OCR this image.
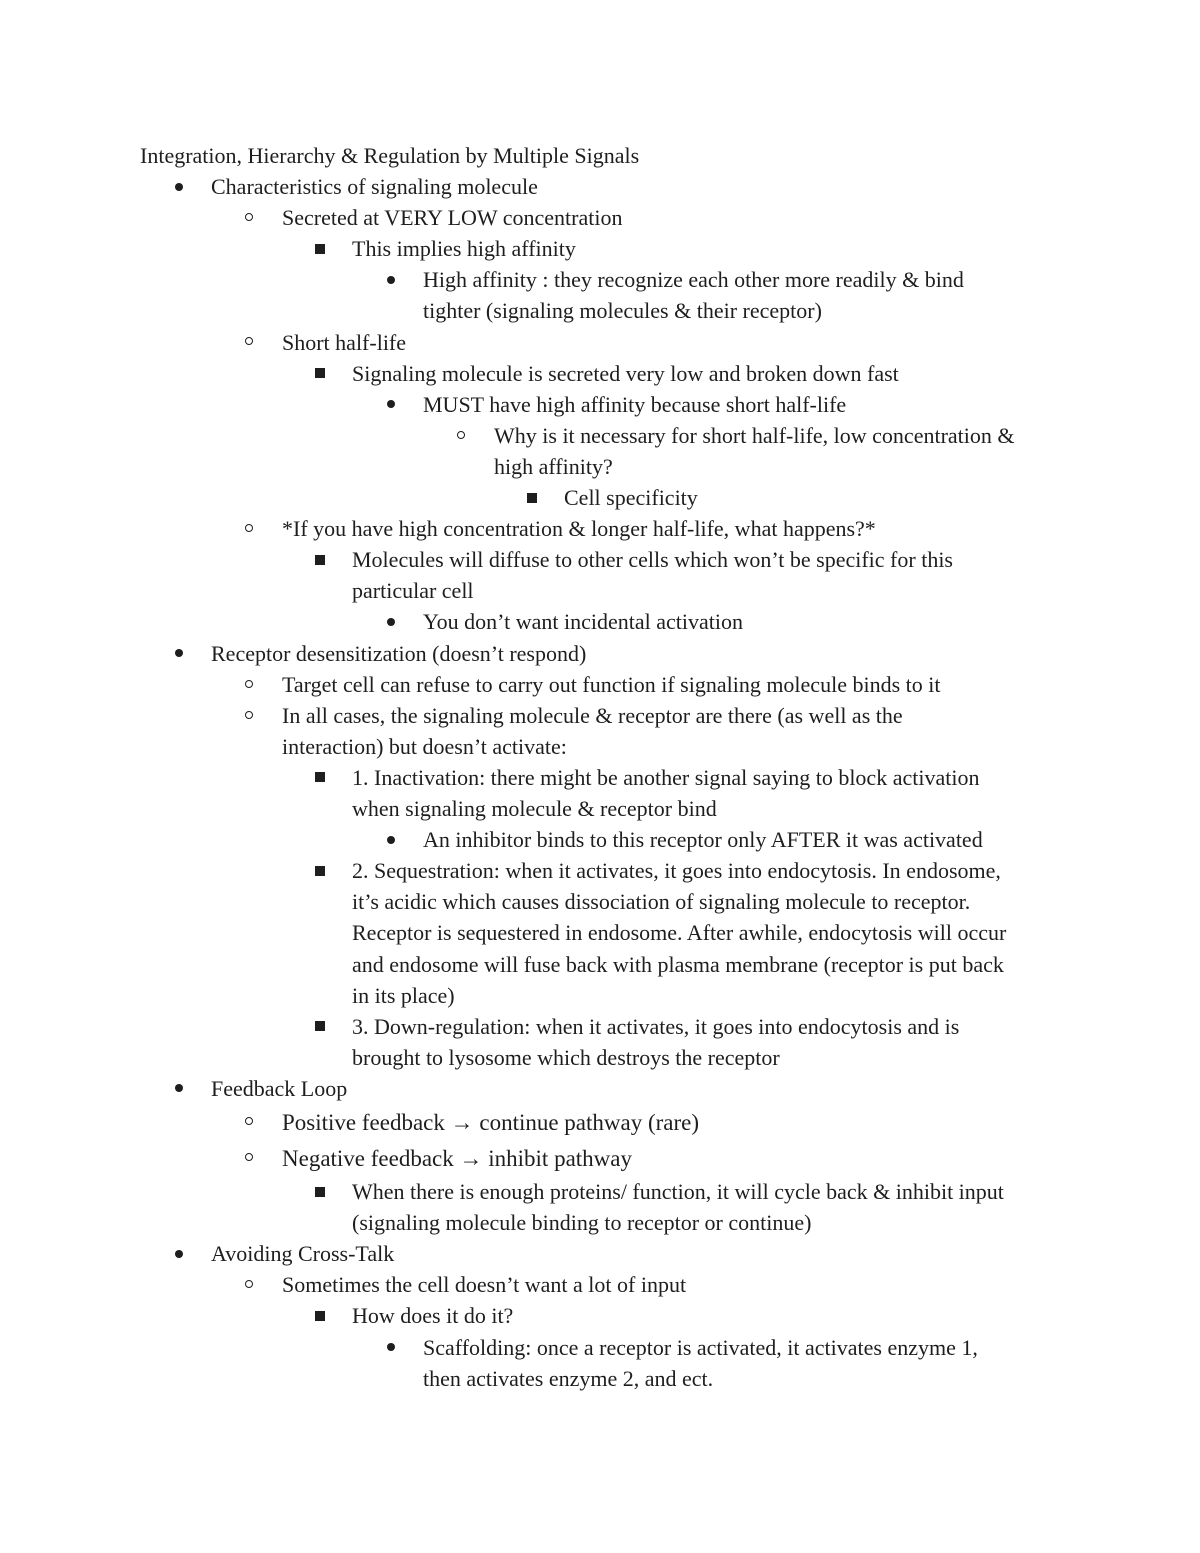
Integration, Hierarchy & Regulation by Multiple Signals
Characteristics of signaling molecule
Secreted at VERY LOW concentration
This implies high affinity
High affinity : they recognize each other more readily & bind
tighter (signaling molecules & their receptor)
Short half-life
Signaling molecule is secreted very low and broken down fast
MUST have high affinity because short half-life
Why is it necessary for short half-life, low concentration &
high affinity?
Cell specificity
*If you have high concentration & longer half-life, what happens?*
Molecules will diffuse to other cells which won’t be specific for this
particular cell
You don’t want incidental activation
Receptor desensitization (doesn’t respond)
Target cell can refuse to carry out function if signaling molecule binds to it
In all cases, the signaling molecule & receptor are there (as well as the
interaction) but doesn’t activate:
1. Inactivation: there might be another signal saying to block activation
when signaling molecule & receptor bind
An inhibitor binds to this receptor only AFTER it was activated
2. Sequestration: when it activates, it goes into endocytosis. In endosome,
it’s acidic which causes dissociation of signaling molecule to receptor.
Receptor is sequestered in endosome. After awhile, endocytosis will occur
and endosome will fuse back with plasma membrane (receptor is put back
in its place)
3. Down-regulation: when it activates, it goes into endocytosis and is
brought to lysosome which destroys the receptor
Feedback Loop
Positive feedback → continue pathway (rare)
Negative feedback → inhibit pathway
When there is enough proteins/ function, it will cycle back & inhibit input
(signaling molecule binding to receptor or continue)
Avoiding Cross-Talk
Sometimes the cell doesn’t want a lot of input
How does it do it?
Scaffolding: once a receptor is activated, it activates enzyme 1,
then activates enzyme 2, and ect.
